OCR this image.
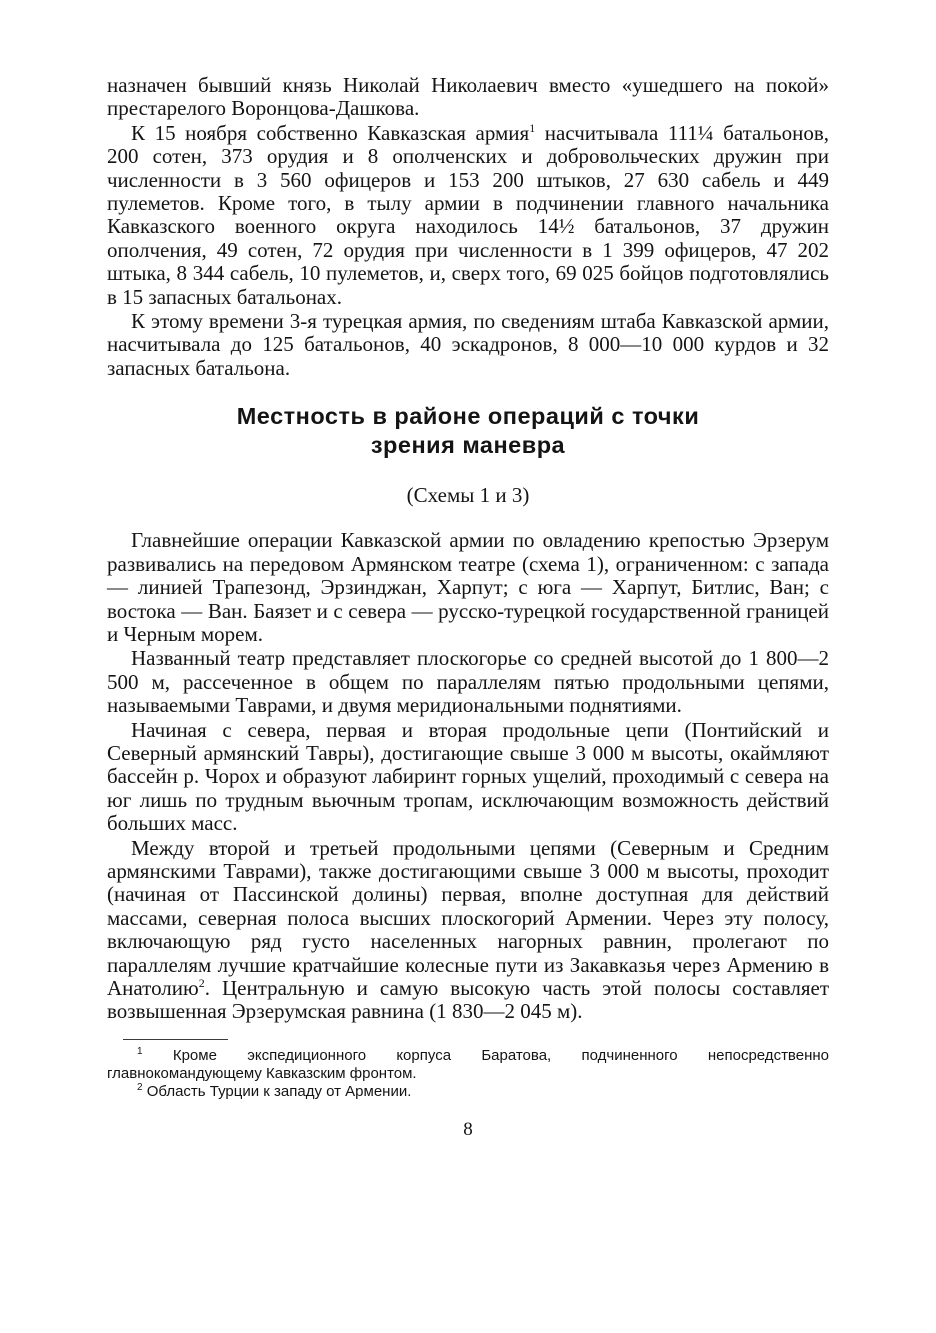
назначен бывший князь Николай Николаевич вместо «ушедшего на покой» престарелого Воронцова-Дашкова.

К 15 ноября собственно Кавказская армия$^1$ насчитывала 111¼ батальонов, 200 сотен, 373 орудия и 8 ополченских и добровольческих дружин при численности в 3 560 офицеров и 153 200 штыков, 27 630 сабель и 449 пулеметов. Кроме того, в тылу армии в подчинении главного начальника Кавказского военного округа находилось 14½ батальонов, 37 дружин ополчения, 49 сотен, 72 орудия при численности в 1 399 офицеров, 47 202 штыка, 8 344 сабель, 10 пулеметов, и, сверх того, 69 025 бойцов подготовлялись в 15 запасных батальонах.

К этому времени 3-я турецкая армия, по сведениям штаба Кавказской армии, насчитывала до 125 батальонов, 40 эскадронов, 8 000—10 000 курдов и 32 запасных батальона.

Местность в районе операций с точки
зрения маневра
(Схемы 1 и 3)

Главнейшие операции Кавказской армии по овладению крепостью Эрзерум развивались на передовом Армянском театре (схема 1), ограниченном: с запада — линией Трапезонд, Эрзинджан, Харпут; с юга — Харпут, Битлис, Ван; с востока — Ван. Баязет и с севера — русско-турецкой государственной границей и Черным морем.

Названный театр представляет плоскогорье со средней высотой до 1 800—2 500 м, рассеченное в общем по параллелям пятью продольными цепями, называемыми Таврами, и двумя меридиональными поднятиями.

Начиная с севера, первая и вторая продольные цепи (Понтийский и Северный армянский Тавры), достигающие свыше 3 000 м высоты, окаймляют бассейн р. Чорох и образуют лабиринт горных ущелий, проходимый с севера на юг лишь по трудным вьючным тропам, исключающим возможность действий больших масс.

Между второй и третьей продольными цепями (Северным и Средним армянскими Таврами), также достигающими свыше 3 000 м высоты, проходит (начиная от Пассинской долины) первая, вполне доступная для действий массами, северная полоса высших плоскогорий Армении. Через эту полосу, включающую ряд густо населенных нагорных равнин, пролегают по параллелям лучшие кратчайшие колесные пути из Закавказья через Армению в Анатолию$^2$. Центральную и самую высокую часть этой полосы составляет возвышенная Эрзерумская равнина (1 830—2 045 м).

$^1$ Кроме экспедиционного корпуса Баратова, подчиненного непосредственно главнокомандующему Кавказским фронтом.

$^2$ Область Турции к западу от Армении.

8
